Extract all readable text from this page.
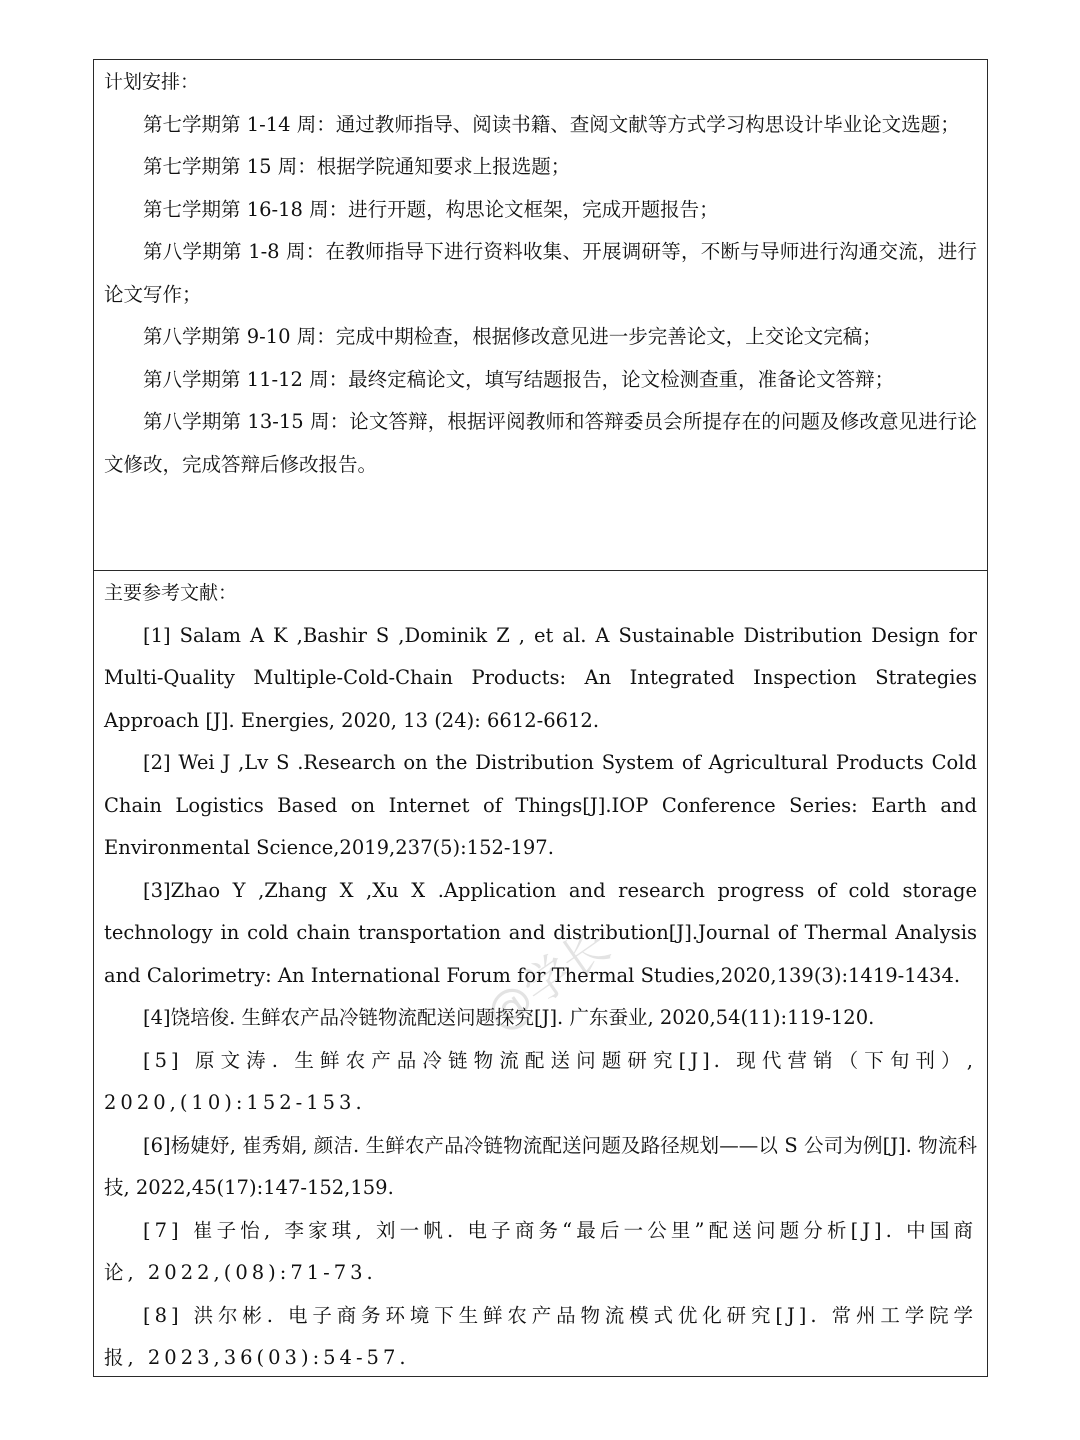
计划安排：

第七学期第 1-14 周：通过教师指导、阅读书籍、查阅文献等方式学习构思设计毕业论文选题；

第七学期第 15 周：根据学院通知要求上报选题；

第七学期第 16-18 周：进行开题，构思论文框架，完成开题报告；

第八学期第 1-8 周：在教师指导下进行资料收集、开展调研等，不断与导师进行沟通交流，进行论文写作；

第八学期第 9-10 周：完成中期检查，根据修改意见进一步完善论文，上交论文完稿；

第八学期第 11-12 周：最终定稿论文，填写结题报告，论文检测查重，准备论文答辩；

第八学期第 13-15 周：论文答辩，根据评阅教师和答辩委员会所提存在的问题及修改意见进行论文修改，完成答辩后修改报告。

主要参考文献：

[1] Salam A K ,Bashir S ,Dominik Z , et al. A Sustainable Distribution Design for Multi-Quality Multiple-Cold-Chain Products: An Integrated Inspection Strategies Approach [J]. Energies, 2020, 13 (24): 6612-6612.

[2] Wei J ,Lv S .Research on the Distribution System of Agricultural Products Cold Chain Logistics Based on Internet of Things[J].IOP Conference Series: Earth and Environmental Science,2019,237(5):152-197.

[3]Zhao Y ,Zhang X ,Xu X .Application and research progress of cold storage technology in cold chain transportation and distribution[J].Journal of Thermal Analysis and Calorimetry: An International Forum for Thermal Studies,2020,139(3):1419-1434.

[4]饶培俊. 生鲜农产品冷链物流配送问题探究[J]. 广东蚕业, 2020,54(11):119-120.

[5] 原文涛. 生鲜农产品冷链物流配送问题研究[J]. 现代营销（下旬刊）, 2020,(10):152-153.

[6]杨婕妤, 崔秀娟, 颜洁. 生鲜农产品冷链物流配送问题及路径规划——以 S 公司为例[J]. 物流科技, 2022,45(17):147-152,159.

[7] 崔子怡, 李家琪, 刘一帆. 电子商务“最后一公里”配送问题分析[J]. 中国商论, 2022,(08):71-73.

[8] 洪尔彬. 电子商务环境下生鲜农产品物流模式优化研究[J]. 常州工学院学报, 2023,36(03):54-57.

@学长
